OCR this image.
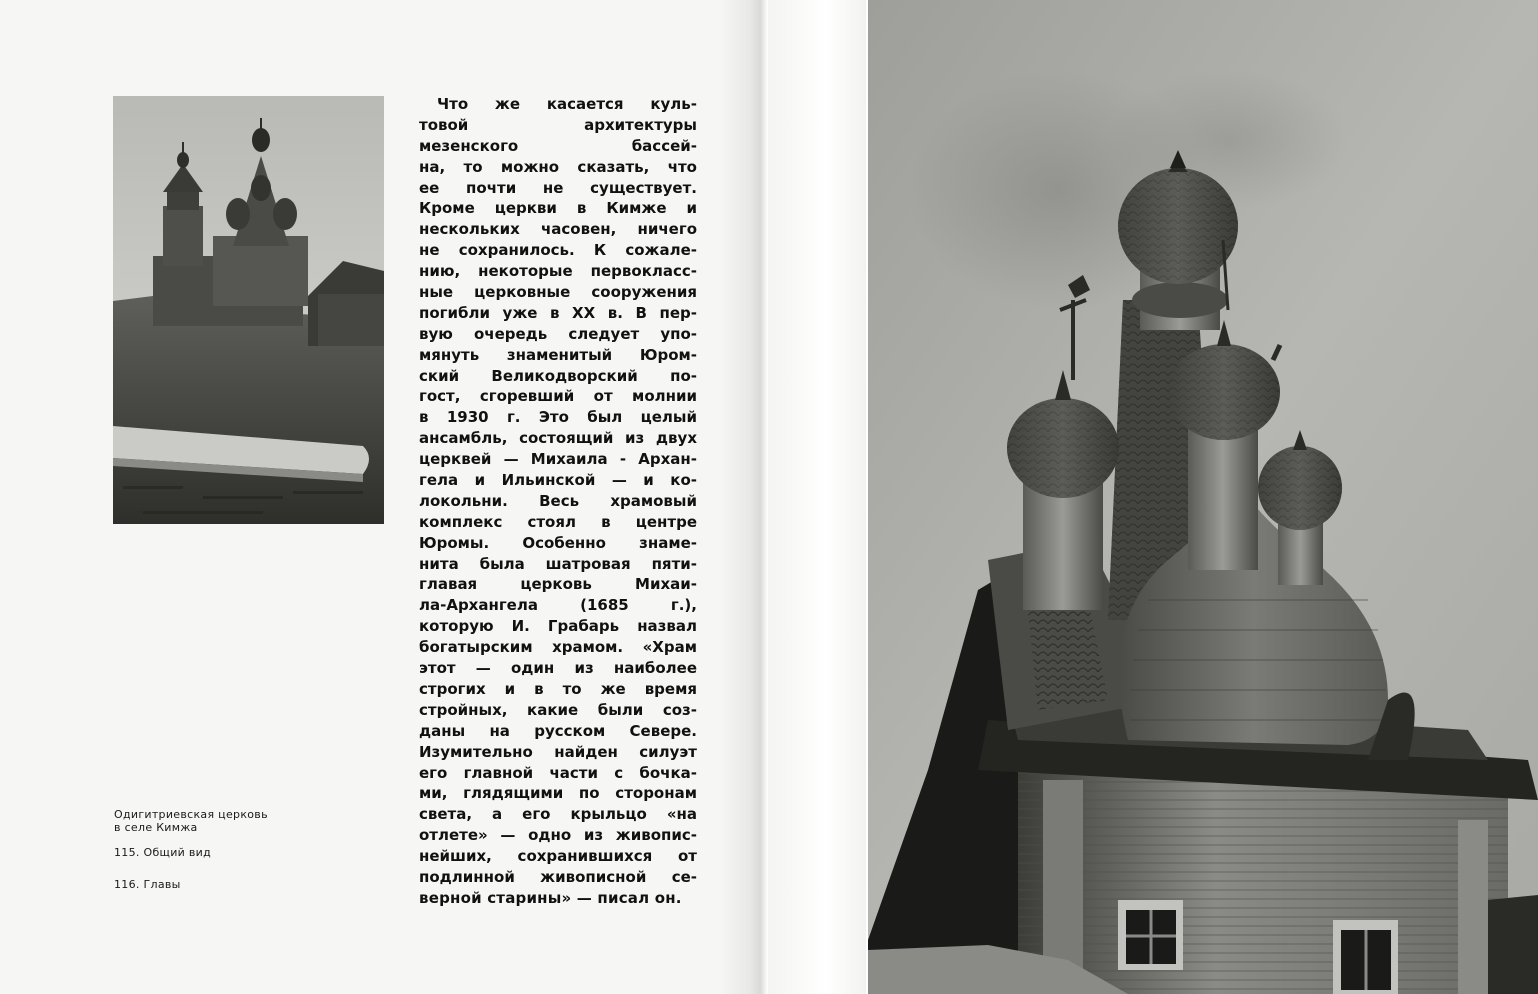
Одигитриевская церковь
в селе Кимжа
115. Общий вид
116. Главы
Что же касается куль-
товой архитектуры
мезенского бассей-
на, то можно сказать, что
ее почти не существует.
Кроме церкви в Кимже и
нескольких часовен, ничего
не сохранилось. К сожале-
нию, некоторые первокласс-
ные церковные сооружения
погибли уже в XX в. В пер-
вую очередь следует упо-
мянуть знаменитый Юром-
ский Великодворский по-
гост, сгоревший от молнии
в 1930 г. Это был целый
ансамбль, состоящий из двух
церквей — Михаила - Архан-
гела и Ильинской — и ко-
локольни. Весь храмовый
комплекс стоял в центре
Юромы. Особенно знаме-
нита была шатровая пяти-
главая церковь Михаи-
ла-Архангела (1685 г.),
которую И. Грабарь назвал
богатырским храмом. «Храм
этот — один из наиболее
строгих и в то же время
стройных, какие были соз-
даны на русском Севере.
Изумительно найден силуэт
его главной части с бочка-
ми, глядящими по сторонам
света, а его крыльцо «на
отлете» — одно из живопис-
нейших, сохранившихся от
подлинной живописной се-
верной старины» — писал он.
